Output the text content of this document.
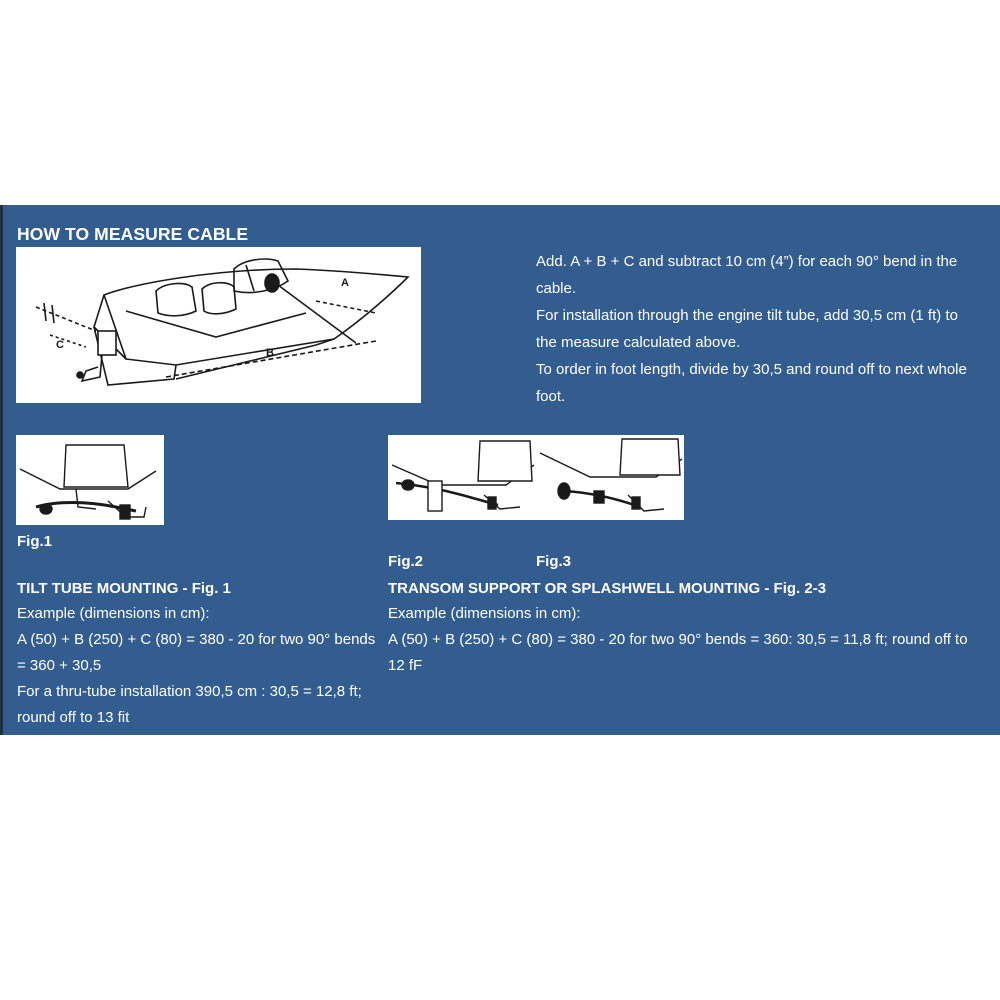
HOW TO MEASURE CABLE
A
B
C

Add. A + B + C and subtract 10 cm (4”) for each 90° bend in the cable.

For installation through the engine tilt tube, add 30,5 cm (1 ft) to the measure calculated above.

To order in foot length, divide by 30,5 and round off to next whole

foot.

Fig.1
Fig.2	Fig.3
TILT TUBE MOUNTING - Fig. 1

Example (dimensions in cm):

A (50) + B (250) + C (80) = 380 - 20 for two 90° bends = 360 + 30,5

For a thru-tube installation 390,5 cm : 30,5 = 12,8 ft; round off to 13 fit

TRANSOM SUPPORT OR SPLASHWELL MOUNTING - Fig. 2-3

Example (dimensions in cm):

A (50) + B (250) + C (80) = 380 - 20 for two 90° bends = 360: 30,5 = 11,8 ft; round off to 12 fF
